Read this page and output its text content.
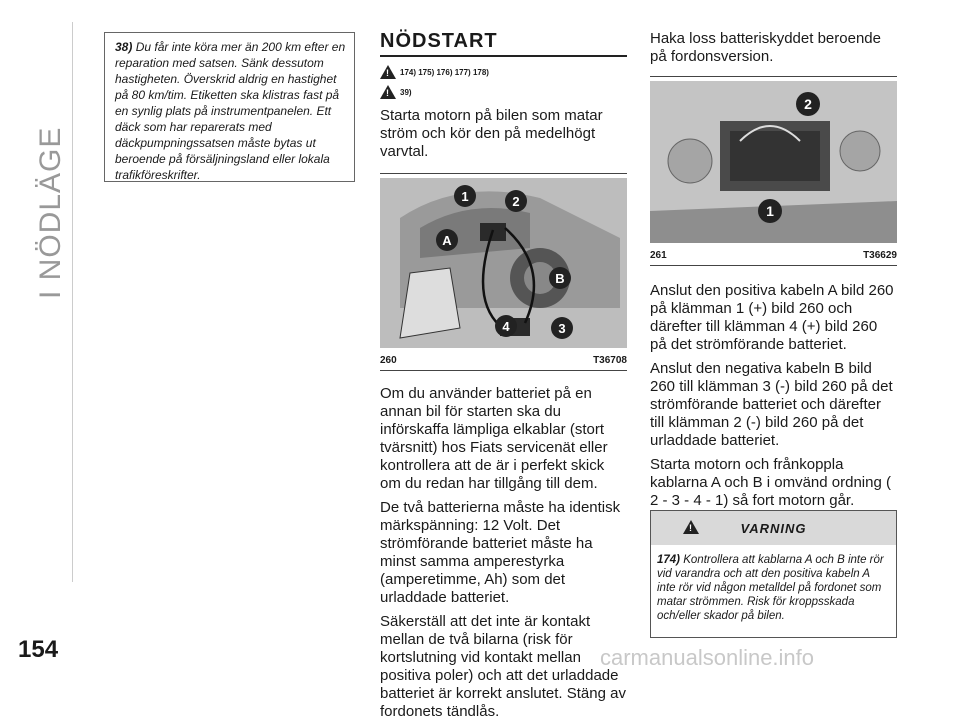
I NÖDLÄGE
154
38) Du får inte köra mer än 200 km efter en reparation med satsen. Sänk dessutom hastigheten. Överskrid aldrig en hastighet på 80 km/tim. Etiketten ska klistras fast på en synlig plats på instrumentpanelen. Ett däck som har reparerats med däckpumpningssatsen måste bytas ut beroende på försäljningsland eller lokala trafikföreskrifter.
NÖDSTART
!
174) 175) 176) 177) 178)
!
39)

Starta motorn på bilen som matar ström och kör den på medelhögt varvtal.

1	2
A
B
4	3
260	T36708

Om du använder batteriet på en annan bil för starten ska du införskaffa lämpliga elkablar (stort tvärsnitt) hos Fiats servicenät eller kontrollera att de är i perfekt skick om du redan har tillgång till dem.

De två batterierna måste ha identisk märkspänning: 12 Volt. Det strömförande batteriet måste ha minst samma amperestyrka (amperetimme, Ah) som det urladdade batteriet.

Säkerställ att det inte är kontakt mellan de två bilarna (risk för kortslutning vid kontakt mellan positiva poler) och att det urladdade batteriet är korrekt anslutet. Stäng av fordonets tändlås.

Haka loss batteriskyddet beroende på fordonsversion.

2
1
261	T36629

Anslut den positiva kabeln A bild 260 på klämman 1 (+) bild 260 och därefter till klämman 4 (+) bild 260 på det strömförande batteriet.

Anslut den negativa kabeln B bild 260 till klämman 3 (-) bild 260 på det strömförande batteriet och därefter till klämman 2 (-) bild 260 på det urladdade batteriet.

Starta motorn och frånkoppla kablarna A och B i omvänd ordning ( 2 - 3 - 4 - 1) så fort motorn går.

!
VARNING
174) Kontrollera att kablarna A och B inte rör vid varandra och att den positiva kabeln A inte rör vid någon metalldel på fordonet som matar strömmen. Risk för kroppsskada och/eller skador på bilen.
carmanualsonline.info
